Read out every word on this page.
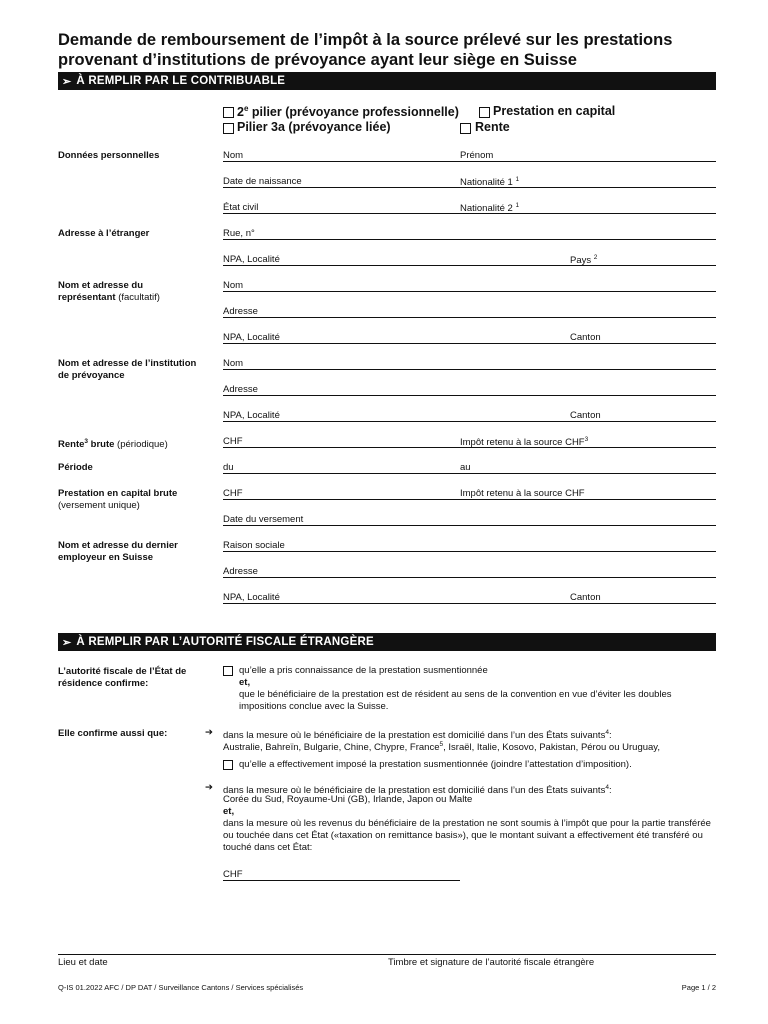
Demande de remboursement de l’impôt à la source prélevé sur les prestations provenant d’institutions de prévoyance ayant leur siège en Suisse
➢ À REMPLIR PAR LE CONTRIBUABLE
2e pilier (prévoyance professionnelle)	Prestation en capital
Pilier 3a (prévoyance liée)	Rente
Données personnelles	Nom	Prénom
Date de naissance	Nationalité 1 $^1$
État civil	Nationalité 2 $^1$
Adresse à l’étranger	Rue, n°
NPA, Localité	Pays $^2$
Nom et adresse du représentant (facultatif)
Nom
Adresse
NPA, Localité	Canton
Nom et adresse de l’institution de prévoyance
Nom
Adresse
NPA, Localité	Canton
Rente$^3$ brute (périodique)	CHF	Impôt retenu à la source CHF$^3$
Période	du	au
Prestation en capital brute
(versement unique)
CHF	Impôt retenu à la source CHF
Date du versement
Nom et adresse du dernier employeur en Suisse
Raison sociale
Adresse
NPA, Localité	Canton
➢ À REMPLIR PAR L’AUTORITÉ FISCALE ÉTRANGÈRE
L’autorité fiscale de l’État de résidence confirme:
qu’elle a pris connaissance de la prestation susmentionnée
et,
que le bénéficiaire de la prestation est de résident au sens de la convention en vue d’éviter les doubles impositions conclue avec la Suisse.
Elle confirme aussi que:	➔ dans la mesure où le bénéficiaire de la prestation est domicilié dans l’un des États suivants$^4$:
Australie, Bahreïn, Bulgarie, Chine, Chypre, France$^5$, Israël, Italie, Kosovo, Pakistan, Pérou ou Uruguay,
qu’elle a effectivement imposé la prestation susmentionnée (joindre l’attestation d’imposition).
➔ dans la mesure où le bénéficiaire de la prestation est domicilié dans l’un des États suivants$^4$:
Corée du Sud, Royaume-Uni (GB), Irlande, Japon ou Malte
et,
dans la mesure où les revenus du bénéficiaire de la prestation ne sont soumis à l’impôt que pour la partie transférée ou touchée dans cet État («taxation on remittance basis»), que le montant suivant a effectivement été transféré ou touché dans cet État:
CHF
Lieu et date	Timbre et signature de l’autorité fiscale étrangère
Q-IS 01.2022 AFC / DP DAT / Surveillance Cantons / Services spécialisés	Page 1 / 2
